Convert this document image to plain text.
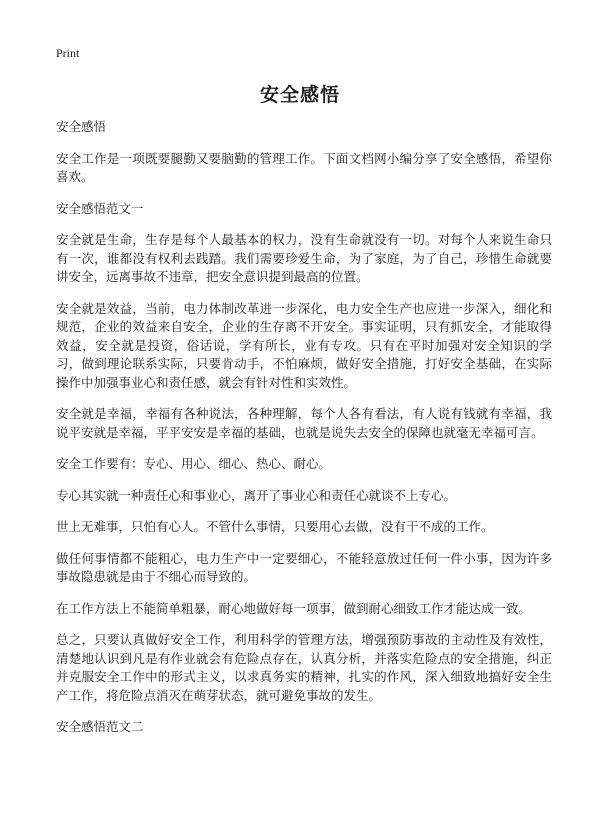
Print
安全感悟

安全感悟

安全工作是一项既要腿勤又要脑勤的管理工作。下面文档网小编分享了安全感悟，希望你喜欢。

安全感悟范文一

安全就是生命，生存是每个人最基本的权力，没有生命就没有一切。对每个人来说生命只有一次，谁都没有权利去践踏。我们需要珍爱生命，为了家庭，为了自己，珍惜生命就要讲安全，远离事故不违章，把安全意识提到最高的位置。

安全就是效益，当前，电力体制改革进一步深化，电力安全生产也应进一步深入，细化和规范，企业的效益来自安全，企业的生存离不开安全。事实证明，只有抓安全，才能取得效益，安全就是投资，俗话说，学有所长，业有专攻。只有在平时加强对安全知识的学习，做到理论联系实际，只要肯动手，不怕麻烦，做好安全措施，打好安全基础，在实际操作中加强事业心和责任感，就会有针对性和实效性。

安全就是幸福，幸福有各种说法，各种理解，每个人各有看法，有人说有钱就有幸福，我说平安就是幸福，平平安安是幸福的基础，也就是说失去安全的保障也就毫无幸福可言。

安全工作要有：专心、用心、细心、热心、耐心。

专心其实就一种责任心和事业心，离开了事业心和责任心就谈不上专心。

世上无难事，只怕有心人。不管什么事情，只要用心去做，没有干不成的工作。

做任何事情都不能粗心，电力生产中一定要细心，不能轻意放过任何一件小事，因为许多事故隐患就是由于不细心而导致的。

在工作方法上不能简单粗暴，耐心地做好每一项事，做到耐心细致工作才能达成一致。

总之，只要认真做好安全工作，利用科学的管理方法，增强预防事故的主动性及有效性，清楚地认识到凡是有作业就会有危险点存在，认真分析，并落实危险点的安全措施，纠正并克服安全工作中的形式主义，以求真务实的精神，扎实的作风，深入细致地搞好安全生产工作，将危险点消灭在萌芽状态，就可避免事故的发生。

安全感悟范文二
